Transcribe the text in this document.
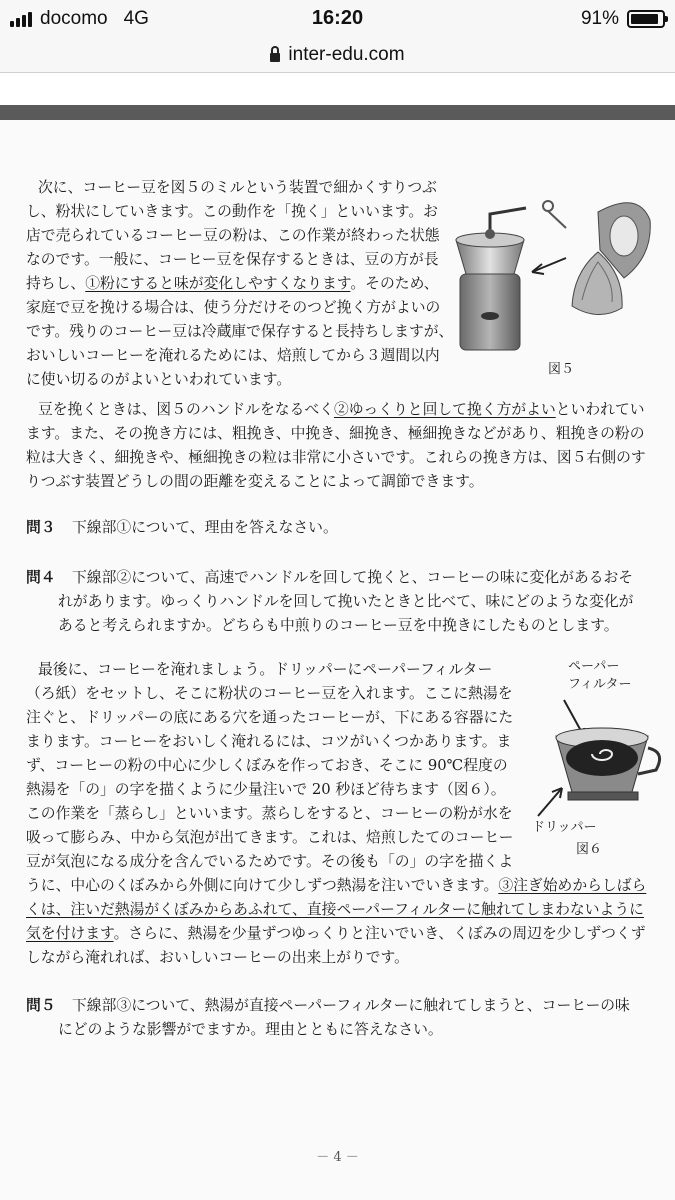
docomo 4G	16:20	91%
inter-edu.com
次に、コーヒー豆を図５のミルという装置で細かくすりつぶ
し、粉状にしていきます。この動作を「挽く」といいます。お
店で売られているコーヒー豆の粉は、この作業が終わった状態
なのです。一般に、コーヒー豆を保存するときは、豆の方が長
持ちし、①粉にすると味が変化しやすくなります。そのため、
家庭で豆を挽ける場合は、使う分だけそのつど挽く方がよいの
です。残りのコーヒー豆は冷蔵庫で保存すると長持ちしますが、
おいしいコーヒーを淹れるためには、焙煎してから３週間以内
に使い切るのがよいといわれています。
図５
豆を挽くときは、図５のハンドルをなるべく②ゆっくりと回して挽く方がよいといわれてい
ます。また、その挽き方には、粗挽き、中挽き、細挽き、極細挽きなどがあり、粗挽きの粉の
粒は大きく、細挽きや、極細挽きの粒は非常に小さいです。これらの挽き方は、図５右側のす
りつぶす装置どうしの間の距離を変えることによって調節できます。
問３ 下線部①について、理由を答えなさい。
問４ 下線部②について、高速でハンドルを回して挽くと、コーヒーの味に変化があるおそ
れがあります。ゆっくりハンドルを回して挽いたときと比べて、味にどのような変化が
あると考えられますか。どちらも中煎りのコーヒー豆を中挽きにしたものとします。
最後に、コーヒーを淹れましょう。ドリッパーにペーパーフィルター
（ろ紙）をセットし、そこに粉状のコーヒー豆を入れます。ここに熱湯を
注ぐと、ドリッパーの底にある穴を通ったコーヒーが、下にある容器にた
まります。コーヒーをおいしく淹れるには、コツがいくつかあります。ま
ず、コーヒーの粉の中心に少しくぼみを作っておき、そこに 90℃程度の
熱湯を「の」の字を描くように少量注いで 20 秒ほど待ちます（図６）。
この作業を「蒸らし」といいます。蒸らしをすると、コーヒーの粉が水を
吸って膨らみ、中から気泡が出てきます。これは、焙煎したてのコーヒー
豆が気泡になる成分を含んでいるためです。その後も「の」の字を描くよ
うに、中心のくぼみから外側に向けて少しずつ熱湯を注いでいきます。③注ぎ始めからしばら
くは、注いだ熱湯がくぼみからあふれて、直接ペーパーフィルターに触れてしまわないように
気を付けます。さらに、熱湯を少量ずつゆっくりと注いでいき、くぼみの周辺を少しずつくず
しながら淹れれば、おいしいコーヒーの出来上がりです。
ペーパー
フィルター
ドリッパー
図６
問５ 下線部③について、熱湯が直接ペーパーフィルターに触れてしまうと、コーヒーの味
にどのような影響がでますか。理由とともに答えなさい。
－ 4 －
